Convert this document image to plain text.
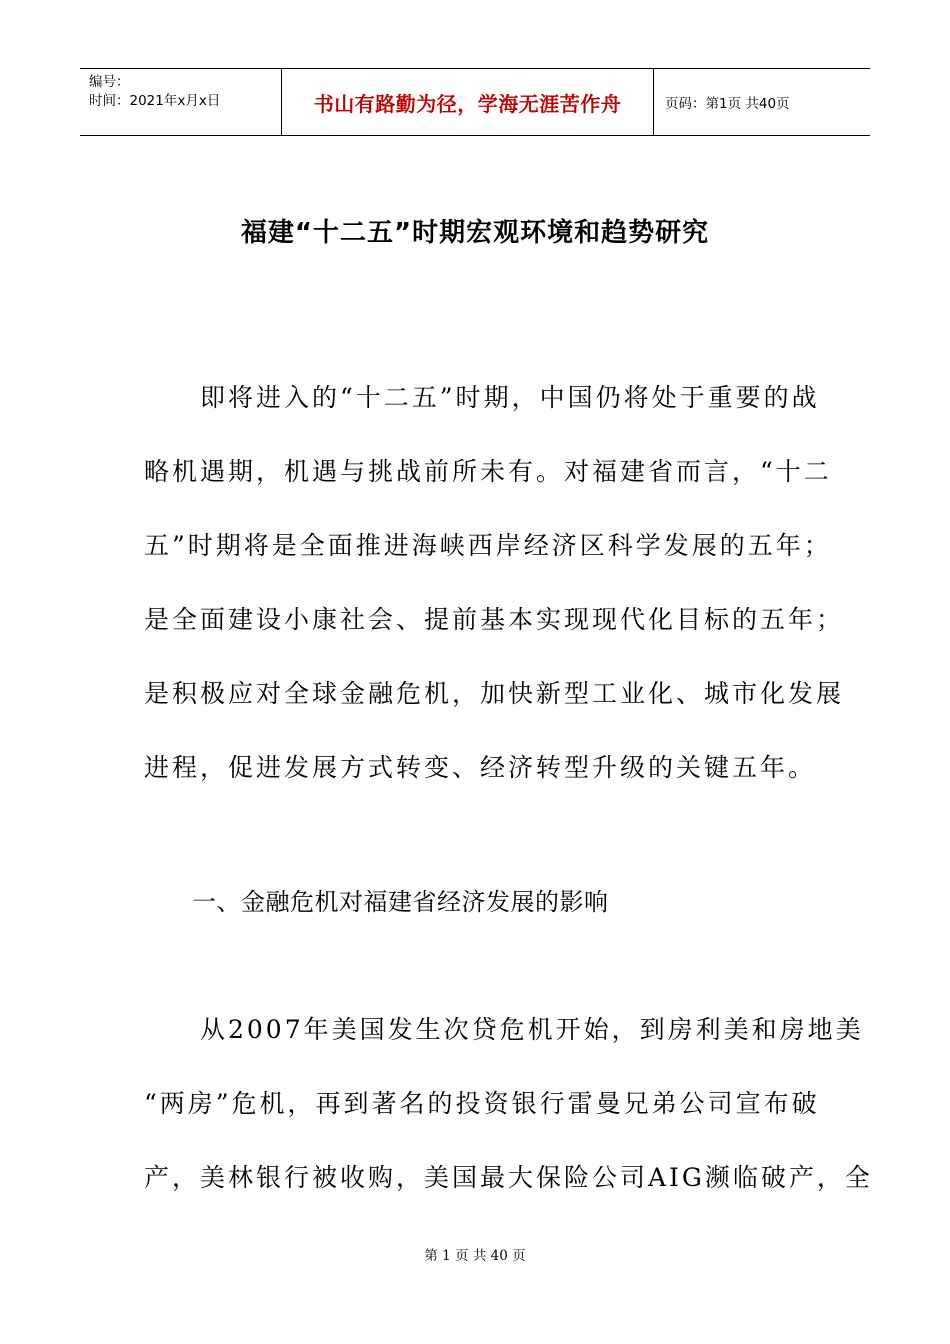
编号：
时间：2021年x月x日	书山有路勤为径，学海无涯苦作舟	页码：第1页 共40页
福建“十二五”时期宏观环境和趋势研究
　　即将进入的“十二五”时期，中国仍将处于重要的战
略机遇期，机遇与挑战前所未有。对福建省而言，“十二
五”时期将是全面推进海峡西岸经济区科学发展的五年；
是全面建设小康社会、提前基本实现现代化目标的五年；
是积极应对全球金融危机，加快新型工业化、城市化发展
进程，促进发展方式转变、经济转型升级的关键五年。
一、金融危机对福建省经济发展的影响
　　从2007年美国发生次贷危机开始，到房利美和房地美
“两房”危机，再到著名的投资银行雷曼兄弟公司宣布破
产，美林银行被收购，美国最大保险公司AIG濒临破产，全
第 1 页 共 40 页
